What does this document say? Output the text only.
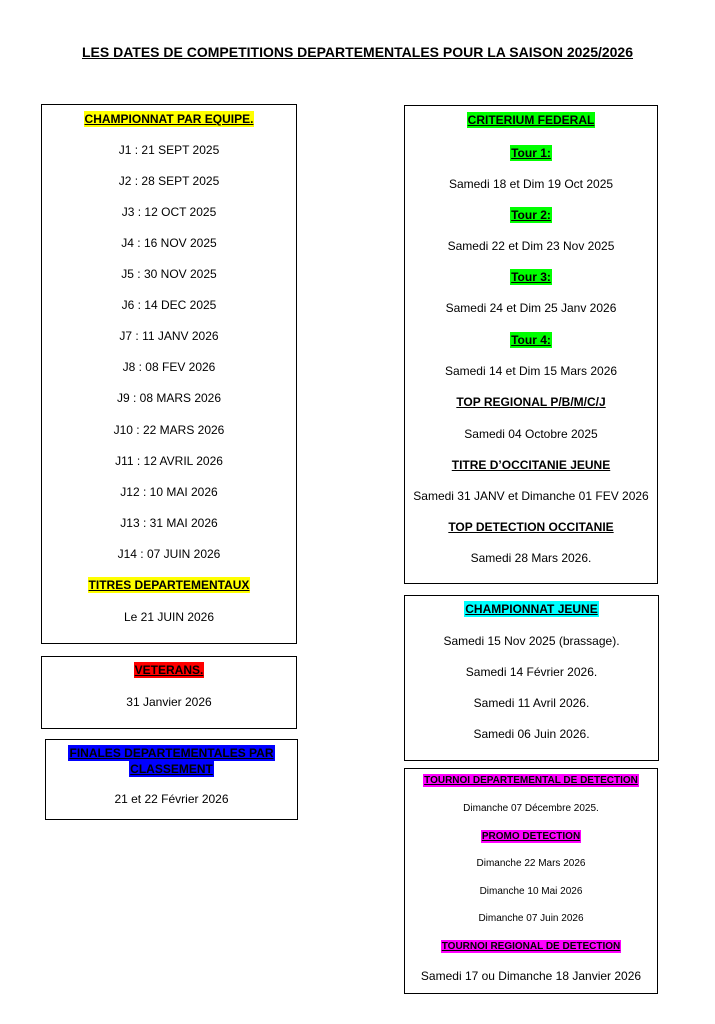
LES DATES DE COMPETITIONS DEPARTEMENTALES POUR LA SAISON 2025/2026
CHAMPIONNAT PAR EQUIPE.
J1 : 21 SEPT 2025
J2 : 28 SEPT 2025
J3 : 12 OCT 2025
J4 : 16 NOV 2025
J5 : 30 NOV 2025
J6 : 14 DEC 2025
J7 : 11 JANV 2026
J8 : 08 FEV 2026
J9 : 08 MARS 2026
J10 : 22 MARS 2026
J11 : 12 AVRIL 2026
J12 : 10 MAI 2026
J13 : 31 MAI 2026
J14 : 07 JUIN 2026
TITRES DEPARTEMENTAUX
Le 21 JUIN 2026
VETERANS.
31 Janvier 2026
FINALES DEPARTEMENTALES PAR
CLASSEMENT
21 et 22 Février 2026
CRITERIUM FEDERAL
Tour 1:
Samedi 18 et Dim 19 Oct 2025
Tour 2:
Samedi 22 et Dim 23 Nov 2025
Tour 3:
Samedi 24 et Dim 25 Janv 2026
Tour 4:
Samedi 14 et Dim 15 Mars 2026
TOP REGIONAL P/B/M/C/J
Samedi 04 Octobre 2025
TITRE D’OCCITANIE JEUNE
Samedi 31 JANV et Dimanche 01 FEV 2026
TOP DETECTION OCCITANIE
Samedi 28 Mars 2026.
CHAMPIONNAT JEUNE
Samedi 15 Nov 2025 (brassage).
Samedi 14 Février 2026.
Samedi 11 Avril 2026.
Samedi 06 Juin 2026.
TOURNOI DEPARTEMENTAL DE DETECTION
Dimanche 07 Décembre 2025.
PROMO DETECTION
Dimanche 22 Mars 2026
Dimanche 10 Mai 2026
Dimanche 07 Juin 2026
TOURNOI REGIONAL DE DETECTION
Samedi 17 ou Dimanche 18 Janvier 2026
